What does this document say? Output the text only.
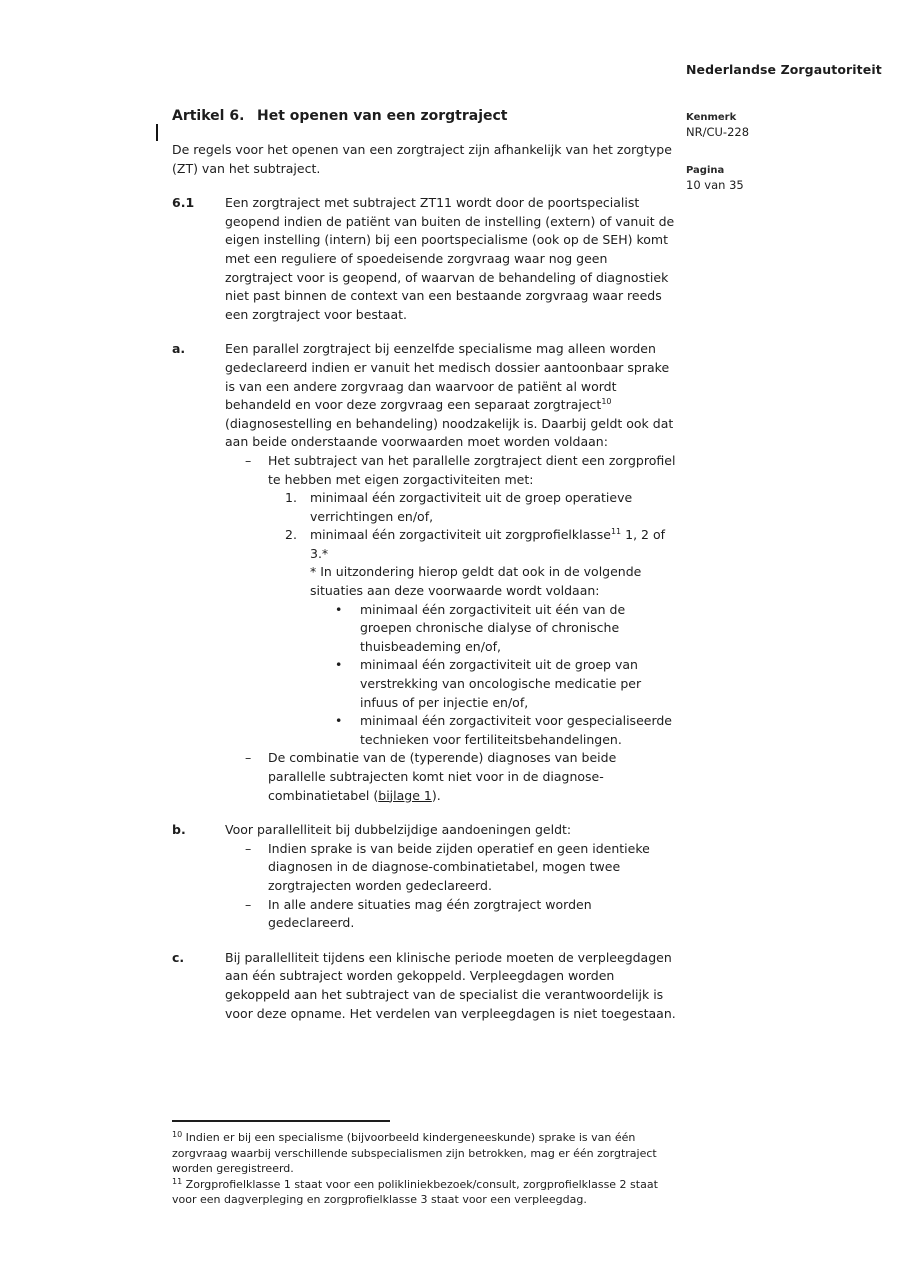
Nederlandse Zorgautoriteit
Kenmerk
NR/CU-228
Pagina
10 van 35
Artikel 6. Het openen van een zorgtraject

De regels voor het openen van een zorgtraject zijn afhankelijk van het zorgtype (ZT) van het subtraject.

6.1	Een zorgtraject met subtraject ZT11 wordt door de poortspecialist geopend indien de patiënt van buiten de instelling (extern) of vanuit de eigen instelling (intern) bij een poortspecialisme (ook op de SEH) komt met een reguliere of spoedeisende zorgvraag waar nog geen zorgtraject voor is geopend, of waarvan de behandeling of diagnostiek niet past binnen de context van een bestaande zorgvraag waar reeds een zorgtraject voor bestaat.

a.	Een parallel zorgtraject bij eenzelfde specialisme mag alleen worden gedeclareerd indien er vanuit het medisch dossier aantoonbaar sprake is van een andere zorgvraag dan waarvoor de patiënt al wordt behandeld en voor deze zorgvraag een separaat zorgtraject$^{10}$ (diagnosestelling en behandeling) noodzakelijk is. Daarbij geldt ook dat aan beide onderstaande voorwaarden moet worden voldaan:

–	Het subtraject van het parallelle zorgtraject dient een zorgprofiel te hebben met eigen zorgactiviteiten met:

1.	minimaal één zorgactiviteit uit de groep operatieve verrichtingen en/of,

2.	minimaal één zorgactiviteit uit zorgprofielklasse$^{11}$ 1, 2 of 3.*

* In uitzondering hierop geldt dat ook in de volgende situaties aan deze voorwaarde wordt voldaan:

•	minimaal één zorgactiviteit uit één van de groepen chronische dialyse of chronische thuisbeademing en/of,
•	minimaal één zorgactiviteit uit de groep van verstrekking van oncologische medicatie per infuus of per injectie en/of,
•	minimaal één zorgactiviteit voor gespecialiseerde technieken voor fertiliteitsbehandelingen.
–	De combinatie van de (typerende) diagnoses van beide parallelle subtrajecten komt niet voor in de diagnose-combinatietabel (bijlage 1).

b.	Voor parallelliteit bij dubbelzijdige aandoeningen geldt:

–	Indien sprake is van beide zijden operatief en geen identieke diagnosen in de diagnose-combinatietabel, mogen twee zorgtrajecten worden gedeclareerd.
–	In alle andere situaties mag één zorgtraject worden gedeclareerd.
c.	Bij parallelliteit tijdens een klinische periode moeten de verpleegdagen aan één subtraject worden gekoppeld. Verpleegdagen worden gekoppeld aan het subtraject van de specialist die verantwoordelijk is voor deze opname. Het verdelen van verpleegdagen is niet toegestaan.

$^{10}$ Indien er bij een specialisme (bijvoorbeeld kindergeneeskunde) sprake is van één zorgvraag waarbij verschillende subspecialismen zijn betrokken, mag er één zorgtraject worden geregistreerd.

$^{11}$ Zorgprofielklasse 1 staat voor een polikliniekbezoek/consult, zorgprofielklasse 2 staat voor een dagverpleging en zorgprofielklasse 3 staat voor een verpleegdag.
